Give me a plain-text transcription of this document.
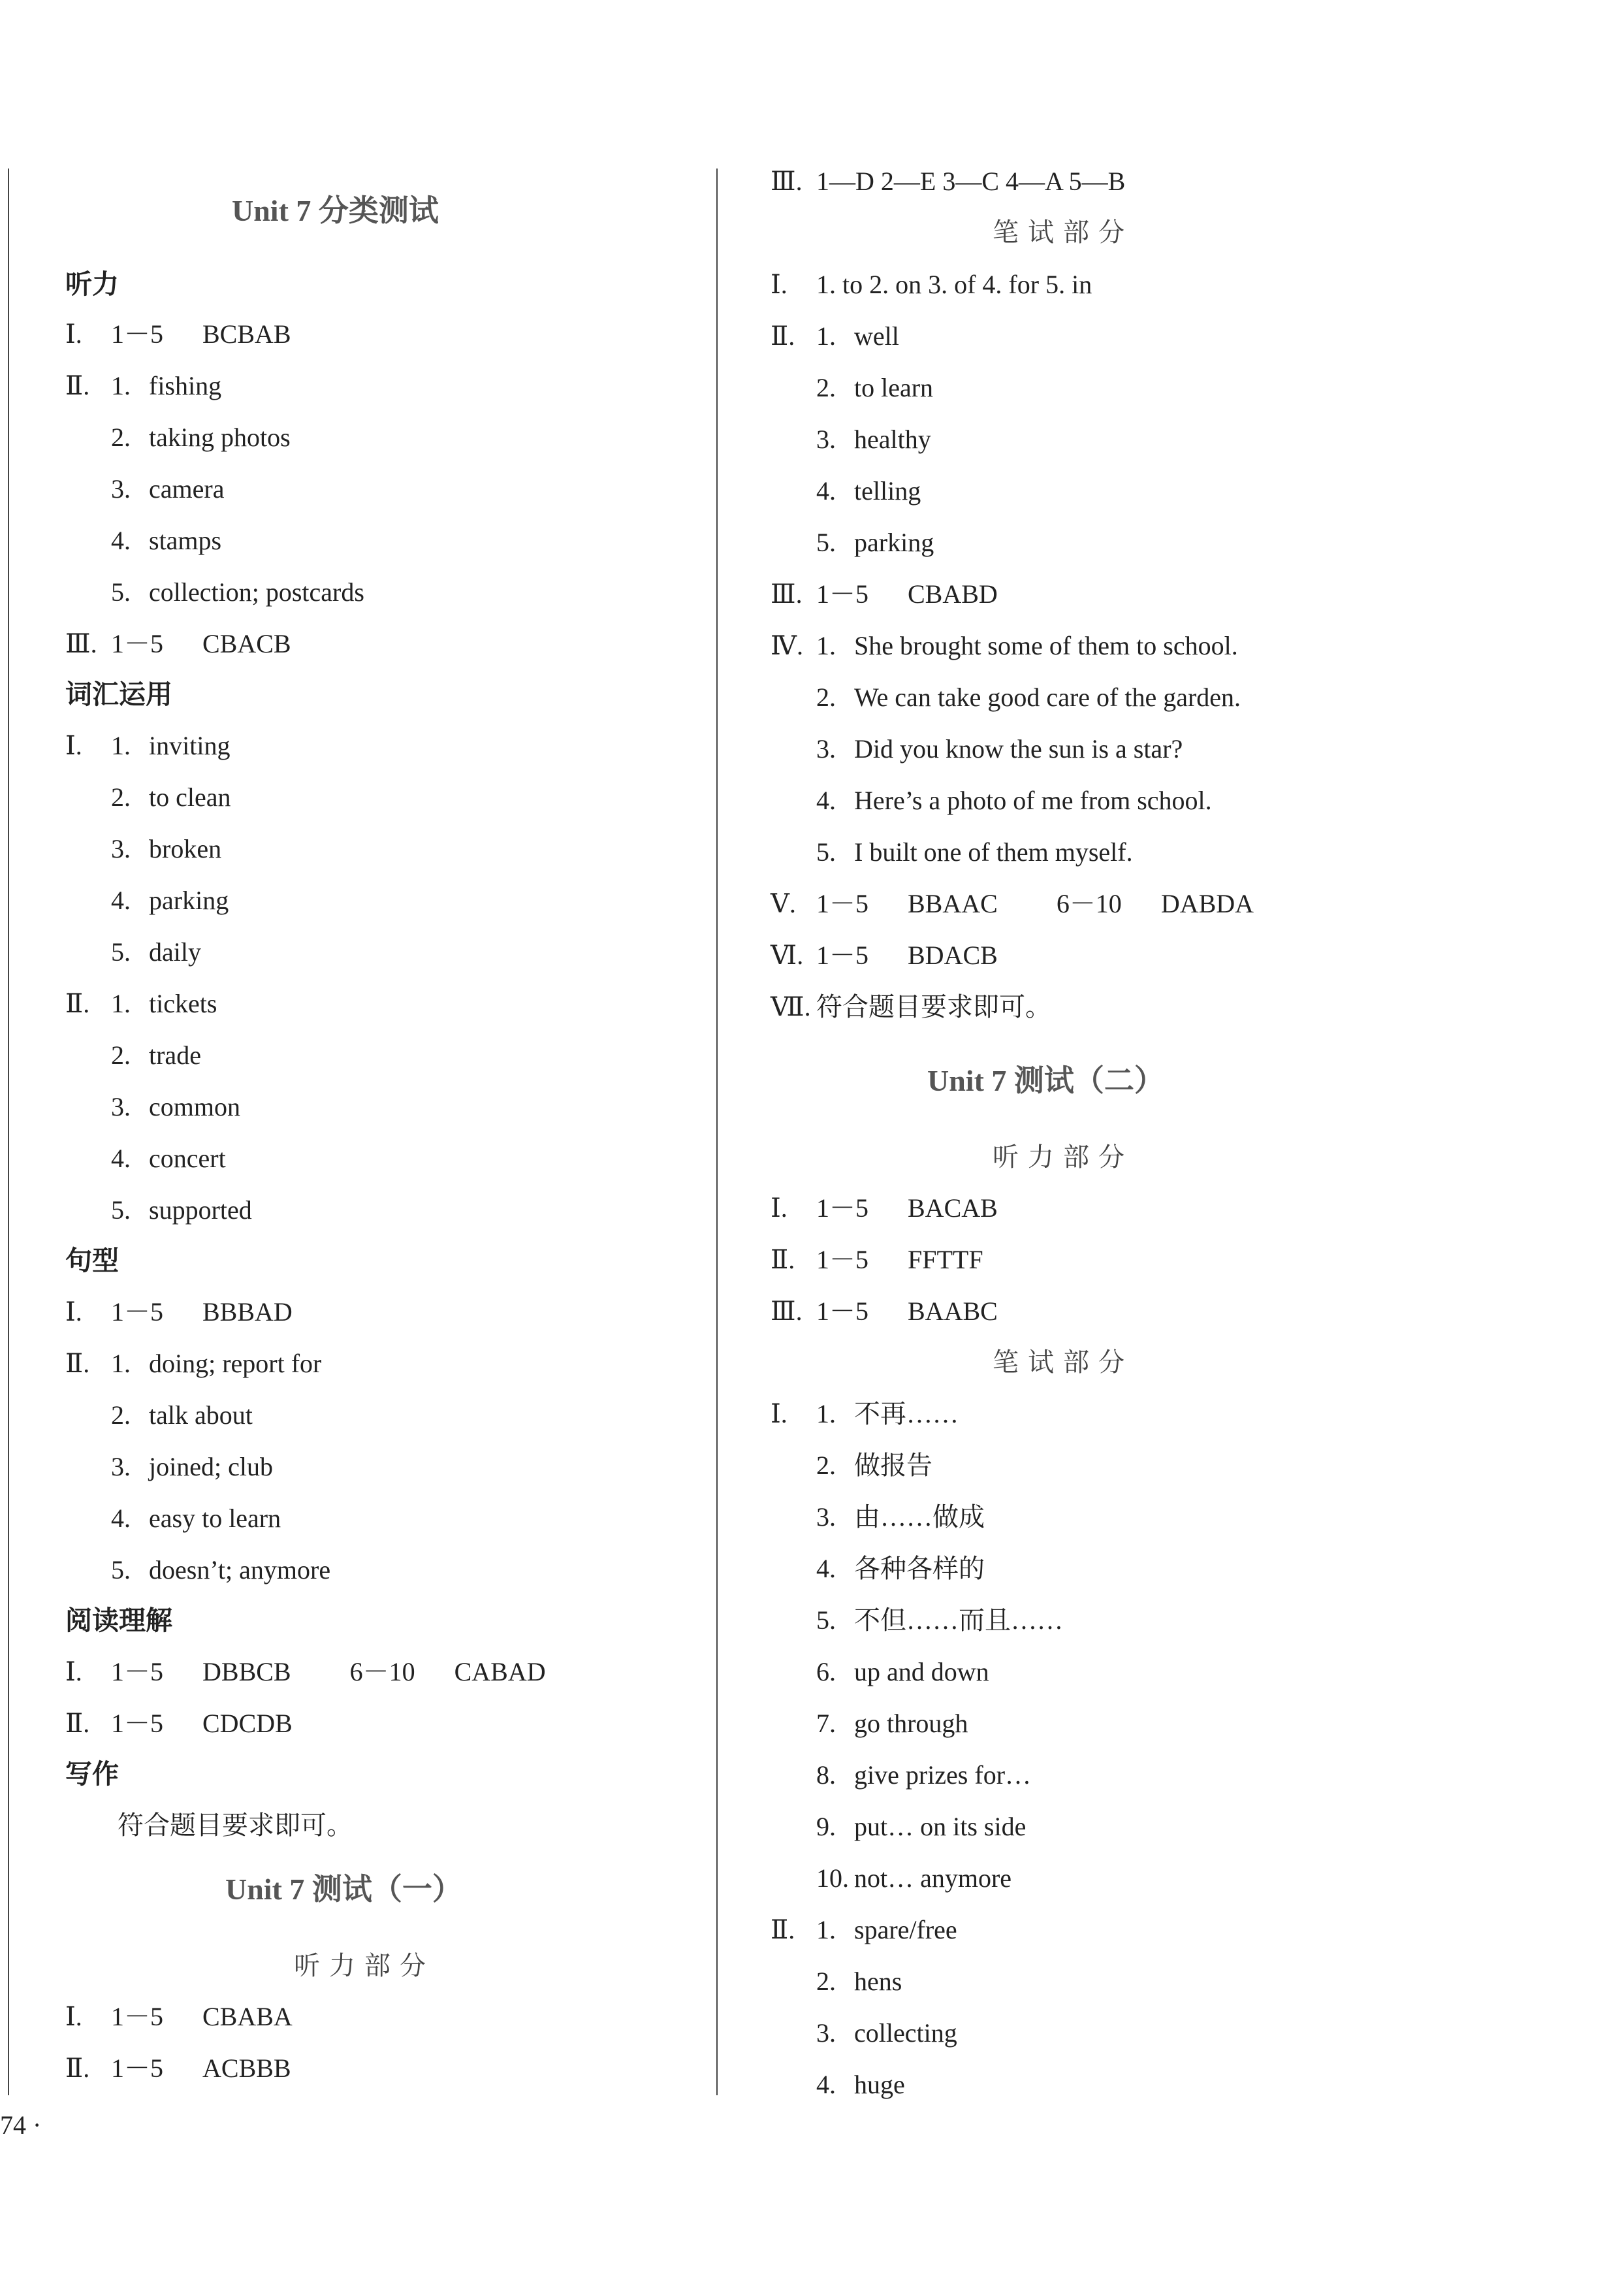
Unit 7 分类测试
听力
Ⅰ. 1－5 BCBAB
Ⅱ. 1. fishing
2. taking photos
3. camera
4. stamps
5. collection; postcards
Ⅲ. 1－5 CBACB
词汇运用
Ⅰ. 1. inviting
2. to clean
3. broken
4. parking
5. daily
Ⅱ. 1. tickets
2. trade
3. common
4. concert
5. supported
句型
Ⅰ. 1－5 BBBAD
Ⅱ. 1. doing; report for
2. talk about
3. joined; club
4. easy to learn
5. doesn’t; anymore
阅读理解
Ⅰ. 1－5 DBBCB 6－10 CABAD
Ⅱ. 1－5 CDCDB
写作
符合题目要求即可。
Unit 7 测试（一）
听力部分
Ⅰ. 1－5 CBABA
Ⅱ. 1－5 ACBBB
Ⅲ. 1—D 2—E 3—C 4—A 5—B
笔试部分
Ⅰ. 1. to 2. on 3. of 4. for 5. in
Ⅱ. 1. well
2. to learn
3. healthy
4. telling
5. parking
Ⅲ. 1－5 CBABD
Ⅳ. 1. She brought some of them to school.
2. We can take good care of the garden.
3. Did you know the sun is a star?
4. Here’s a photo of me from school.
5. I built one of them myself.
Ⅴ. 1－5 BBAAC 6－10 DABDA
Ⅵ. 1－5 BDACB
Ⅶ. 符合题目要求即可。
Unit 7 测试（二）
听力部分
Ⅰ. 1－5 BACAB
Ⅱ. 1－5 FFTTF
Ⅲ. 1－5 BAABC
笔试部分
Ⅰ. 1. 不再……
2. 做报告
3. 由……做成
4. 各种各样的
5. 不但……而且……
6. up and down
7. go through
8. give prizes for…
9. put… on its side
10. not… anymore
Ⅱ. 1. spare/free
2. hens
3. collecting
4. huge
74 ·
